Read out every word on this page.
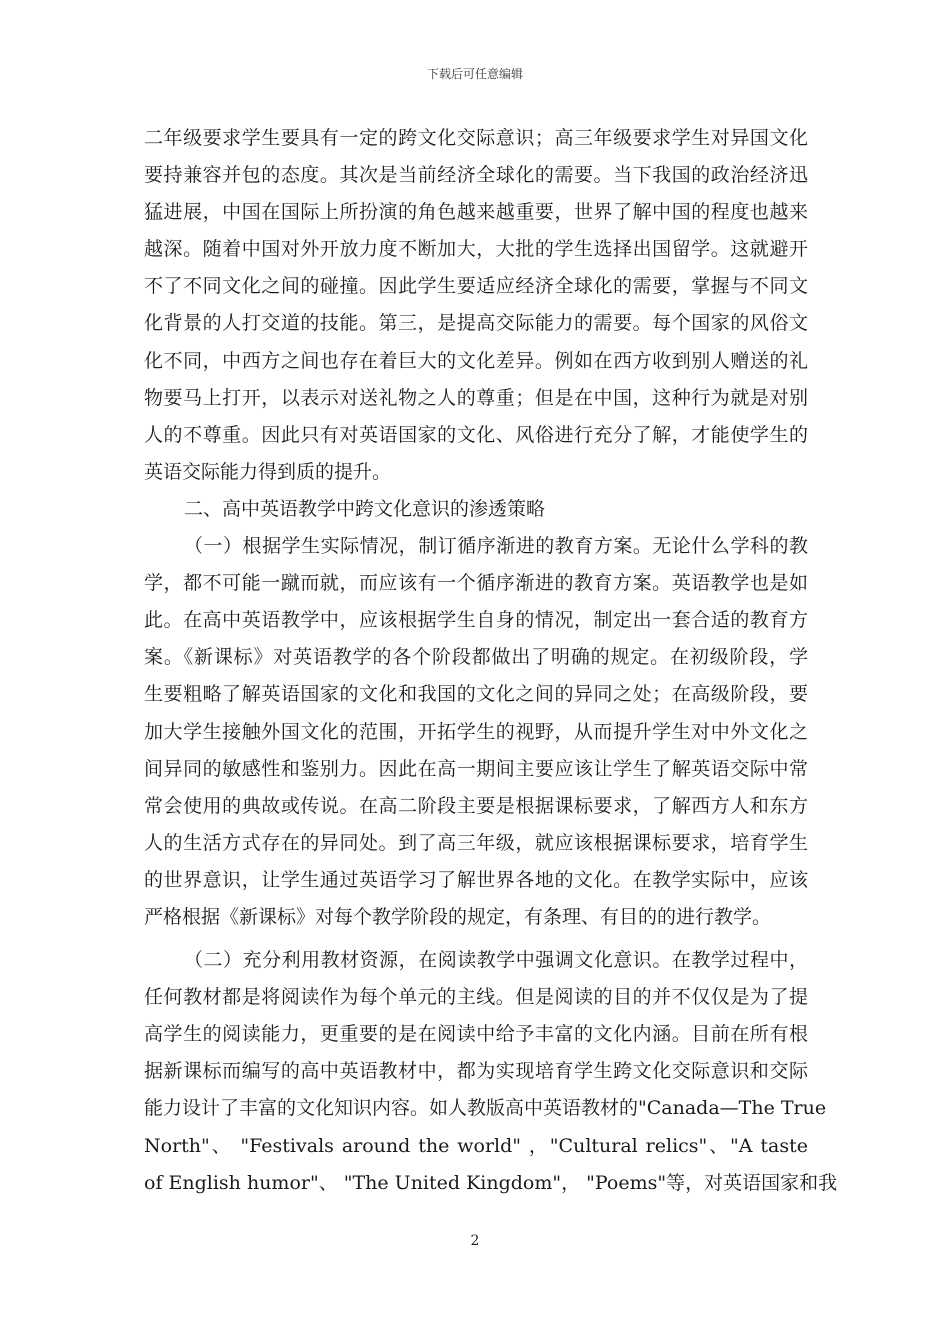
下载后可任意编辑
二年级要求学生要具有一定的跨文化交际意识；高三年级要求学生对异国文化
要持兼容并包的态度。其次是当前经济全球化的需要。当下我国的政治经济迅
猛进展，中国在国际上所扮演的角色越来越重要，世界了解中国的程度也越来
越深。随着中国对外开放力度不断加大，大批的学生选择出国留学。这就避开
不了不同文化之间的碰撞。因此学生要适应经济全球化的需要，掌握与不同文
化背景的人打交道的技能。第三，是提高交际能力的需要。每个国家的风俗文
化不同，中西方之间也存在着巨大的文化差异。例如在西方收到别人赠送的礼
物要马上打开，以表示对送礼物之人的尊重；但是在中国，这种行为就是对别
人的不尊重。因此只有对英语国家的文化、风俗进行充分了解，才能使学生的
英语交际能力得到质的提升。
二、高中英语教学中跨文化意识的渗透策略
（一）根据学生实际情况，制订循序渐进的教育方案。无论什么学科的教
学，都不可能一蹴而就，而应该有一个循序渐进的教育方案。英语教学也是如
此。在高中英语教学中，应该根据学生自身的情况，制定出一套合适的教育方
案。《新课标》对英语教学的各个阶段都做出了明确的规定。在初级阶段，学
生要粗略了解英语国家的文化和我国的文化之间的异同之处；在高级阶段，要
加大学生接触外国文化的范围，开拓学生的视野，从而提升学生对中外文化之
间异同的敏感性和鉴别力。因此在高一期间主要应该让学生了解英语交际中常
常会使用的典故或传说。在高二阶段主要是根据课标要求，了解西方人和东方
人的生活方式存在的异同处。到了高三年级，就应该根据课标要求，培育学生
的世界意识，让学生通过英语学习了解世界各地的文化。在教学实际中，应该
严格根据《新课标》对每个教学阶段的规定，有条理、有目的的进行教学。
（二）充分利用教材资源，在阅读教学中强调文化意识。在教学过程中，
任何教材都是将阅读作为每个单元的主线。但是阅读的目的并不仅仅是为了提
高学生的阅读能力，更重要的是在阅读中给予丰富的文化内涵。目前在所有根
据新课标而编写的高中英语教材中，都为实现培育学生跨文化交际意识和交际
能力设计了丰富的文化知识内容。如人教版高中英语教材的"Canada—The True
North"、 "Festivals around the world" ，"Cultural relics"、"A taste
of English humor"、 "The United Kingdom"， "Poems"等，对英语国家和我
2
